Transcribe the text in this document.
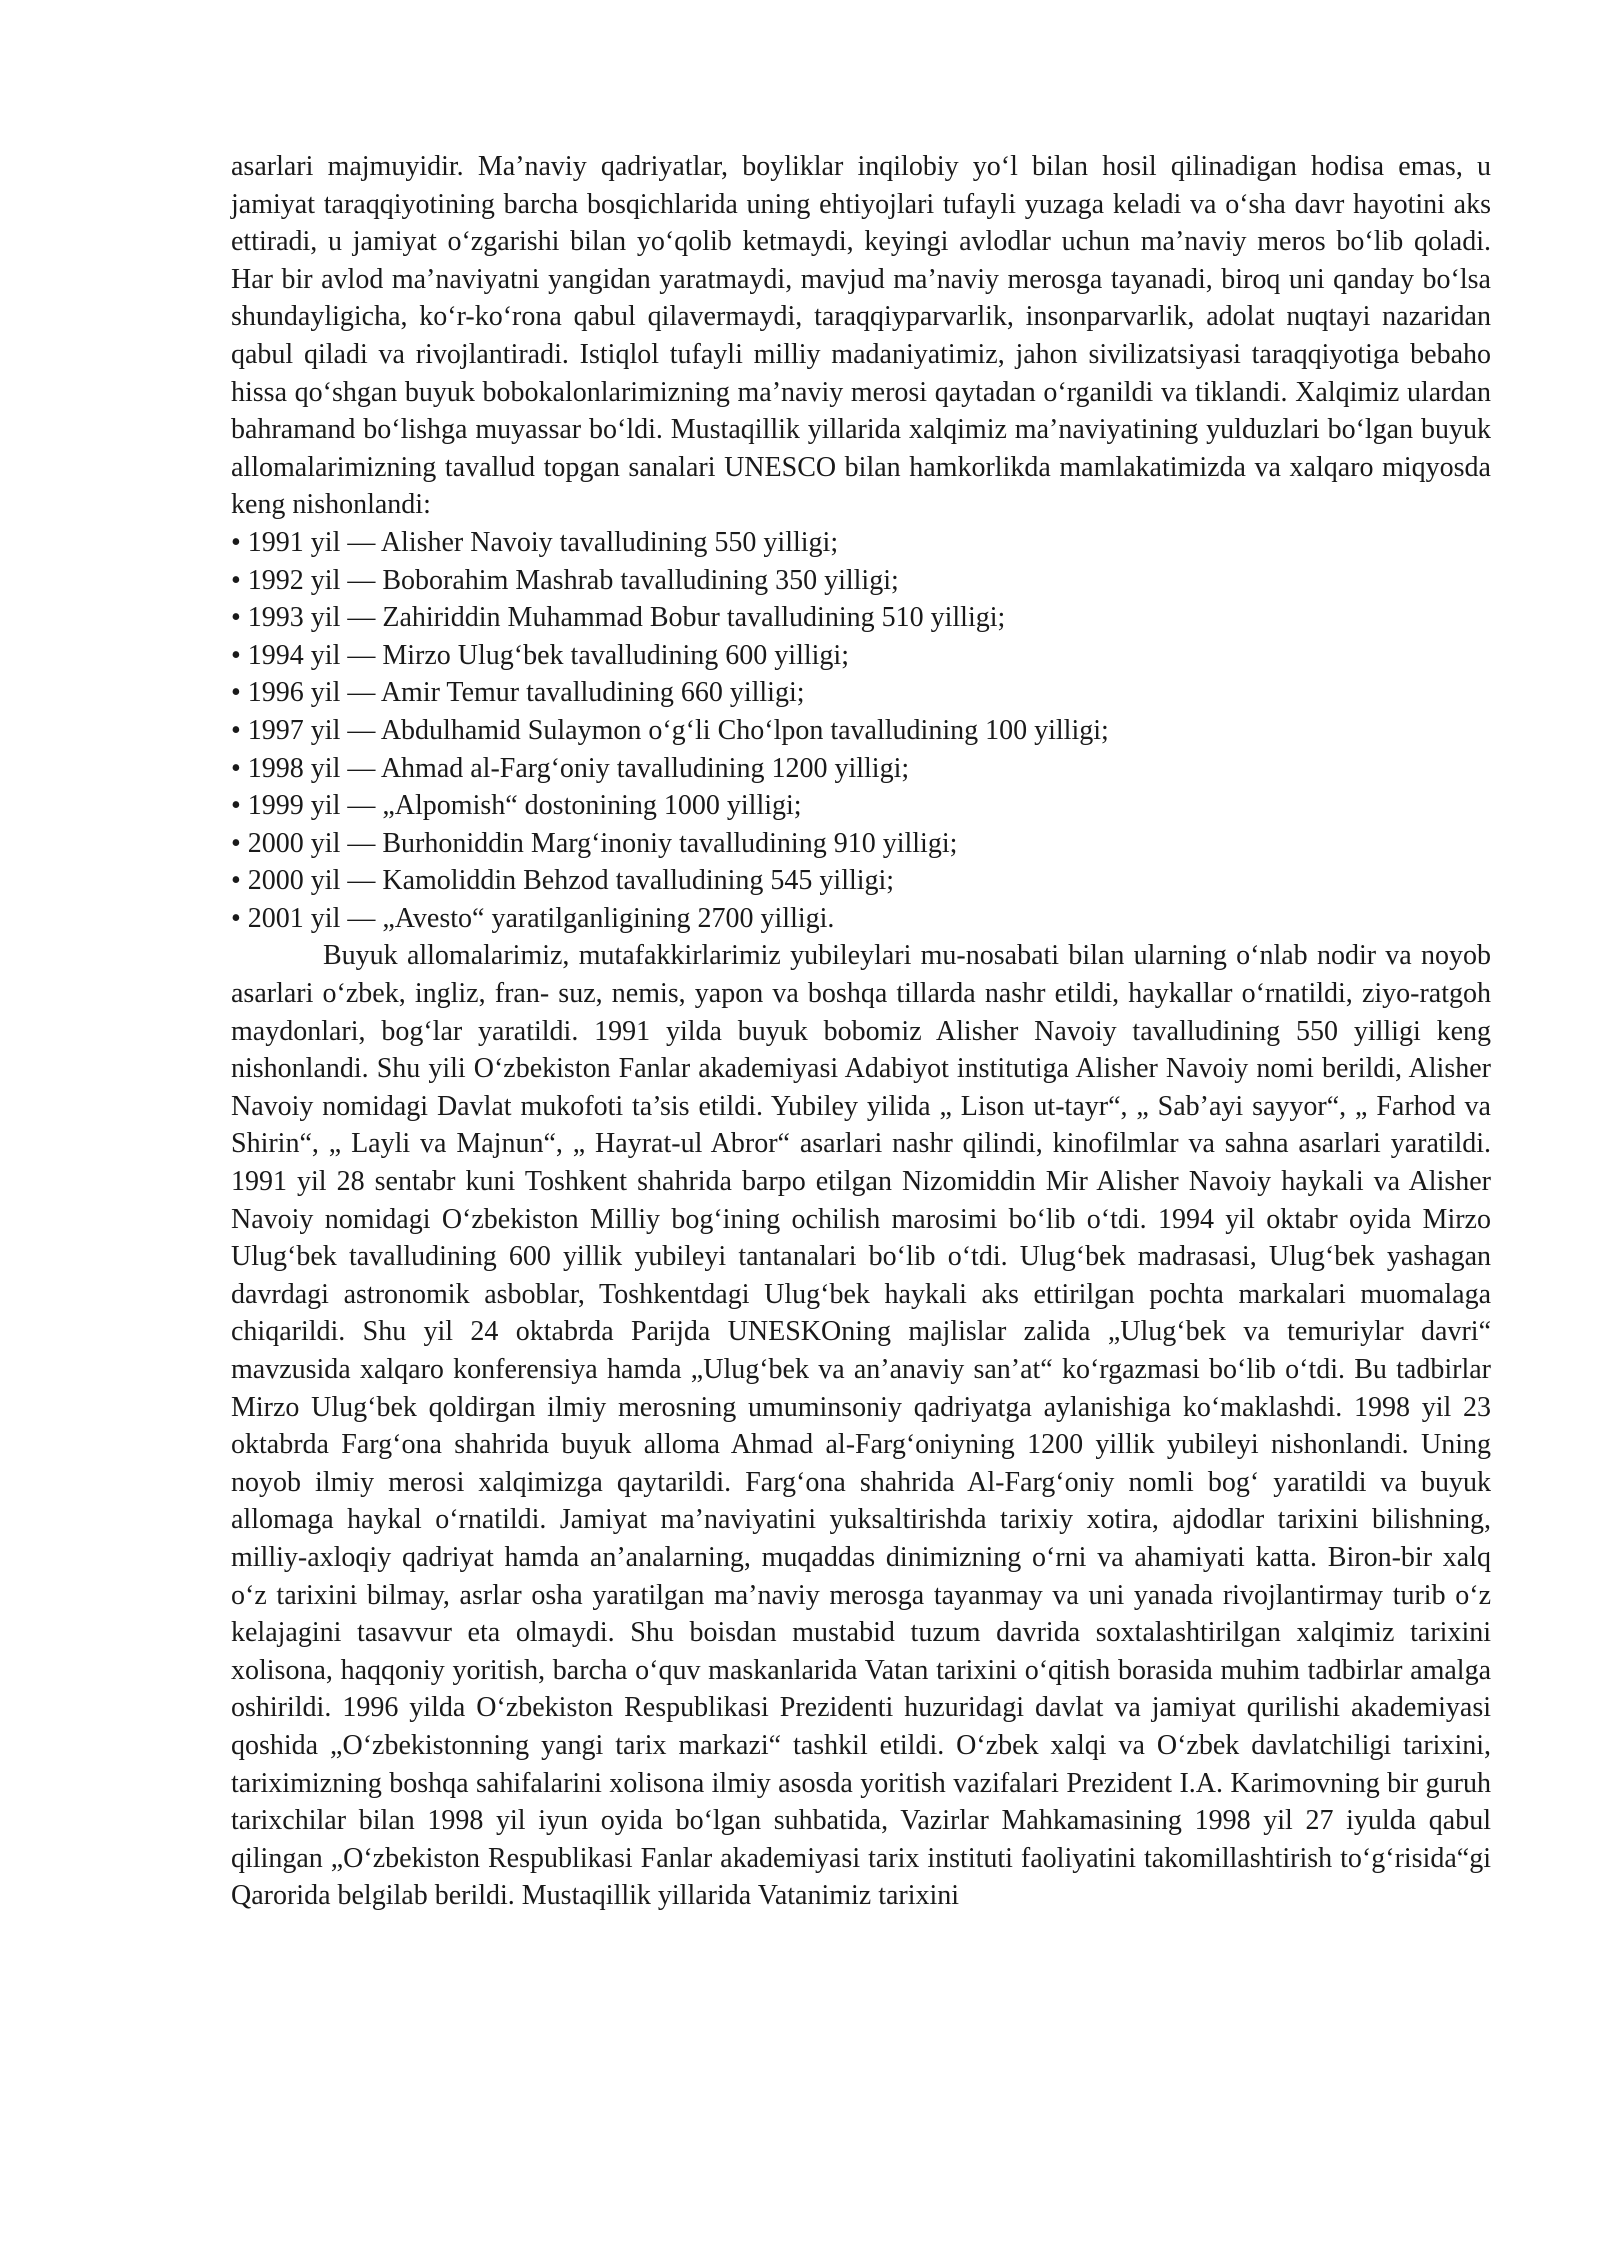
asarlari majmuyidir. Ma’naviy qadriyatlar, boyliklar inqilobiy yo‘l bilan hosil qilinadigan hodisa emas, u jamiyat taraqqiyotining barcha bosqichlarida uning ehtiyojlari tufayli yuzaga keladi va o‘sha davr hayotini aks ettiradi, u jamiyat o‘zgarishi bilan yo‘qolib ketmaydi, keyingi avlodlar uchun ma’naviy meros bo‘lib qoladi. Har bir avlod ma’naviyatni yangidan yaratmaydi, mavjud ma’naviy merosga tayanadi, biroq uni qanday bo‘lsa shundayligicha, ko‘r-ko‘rona qabul qilavermaydi, taraqqiyparvarlik, insonparvarlik, adolat nuqtayi nazaridan qabul qiladi va rivojlantiradi. Istiqlol tufayli milliy madaniyatimiz, jahon sivilizatsiyasi taraqqiyotiga bebaho hissa qo‘shgan buyuk bobokalonlarimizning ma’naviy merosi qaytadan o‘rganildi va tiklandi. Xalqimiz ulardan bahramand bo‘lishga muyassar bo‘ldi. Mustaqillik yillarida xalqimiz ma’naviyatining yulduzlari bo‘lgan buyuk allomalarimizning tavallud topgan sanalari UNESCO bilan hamkorlikda mamlakatimizda va xalqaro miqyosda keng nishonlandi:

• 1991 yil — Alisher Navoiy tavalludining 550 yilligi;
• 1992 yil — Boborahim Mashrab tavalludining 350 yilligi;
• 1993 yil — Zahiriddin Muhammad Bobur tavalludining 510 yilligi;
• 1994 yil — Mirzo Ulug‘bek tavalludining 600 yilligi;
• 1996 yil — Amir Temur tavalludining 660 yilligi;
• 1997 yil — Abdulhamid Sulaymon o‘g‘li Cho‘lpon tavalludining 100 yilligi;
• 1998 yil — Ahmad al-Farg‘oniy tavalludining 1200 yilligi;
• 1999 yil — „Alpomish“ dostonining 1000 yilligi;
• 2000 yil — Burhoniddin Marg‘inoniy tavalludining 910 yilligi;
• 2000 yil — Kamoliddin Behzod tavalludining 545 yilligi;
• 2001 yil — „Avesto“ yaratilganligining 2700 yilligi.

Buyuk allomalarimiz, mutafakkirlarimiz yubileylari mu-nosabati bilan ularning o‘nlab nodir va noyob asarlari o‘zbek, ingliz, fran- suz, nemis, yapon va boshqa tillarda nashr etildi, haykallar o‘rnatildi, ziyo-ratgoh maydonlari, bog‘lar yaratildi. 1991 yilda buyuk bobomiz Alisher Navoiy tavalludining 550 yilligi keng nishonlandi. Shu yili O‘zbekiston Fanlar akademiyasi Adabiyot institutiga Alisher Navoiy nomi berildi, Alisher Navoiy nomidagi Davlat mukofoti ta’sis etildi. Yubiley yilida „ Lison ut-tayr“, „ Sab’ayi sayyor“, „ Farhod va Shirin“, „ Layli va Majnun“, „ Hayrat-ul Abror“ asarlari nashr qilindi, kinofilmlar va sahna asarlari yaratildi. 1991 yil 28 sentabr kuni Toshkent shahrida barpo etilgan Nizomiddin Mir Alisher Navoiy haykali va Alisher Navoiy nomidagi O‘zbekiston Milliy bog‘ining ochilish marosimi bo‘lib o‘tdi. 1994 yil oktabr oyida Mirzo Ulug‘bek tavalludining 600 yillik yubileyi tantanalari bo‘lib o‘tdi. Ulug‘bek madrasasi, Ulug‘bek yashagan davrdagi astronomik asboblar, Toshkentdagi Ulug‘bek haykali aks ettirilgan pochta markalari muomalaga chiqarildi. Shu yil 24 oktabrda Parijda UNESKOning majlislar zalida „Ulug‘bek va temuriylar davri“ mavzusida xalqaro konferensiya hamda „Ulug‘bek va an’anaviy san’at“ ko‘rgazmasi bo‘lib o‘tdi. Bu tadbirlar Mirzo Ulug‘bek qoldirgan ilmiy merosning umuminsoniy qadriyatga aylanishiga ko‘maklashdi. 1998 yil 23 oktabrda Farg‘ona shahrida buyuk alloma Ahmad al-Farg‘oniyning 1200 yillik yubileyi nishonlandi. Uning noyob ilmiy merosi xalqimizga qaytarildi. Farg‘ona shahrida Al-Farg‘oniy nomli bog‘ yaratildi va buyuk allomaga haykal o‘rnatildi. Jamiyat ma’naviyatini yuksaltirishda tarixiy xotira, ajdodlar tarixini bilishning, milliy-axloqiy qadriyat hamda an’analarning, muqaddas dinimizning o‘rni va ahamiyati katta. Biron-bir xalq o‘z tarixini bilmay, asrlar osha yaratilgan ma’naviy merosga tayanmay va uni yanada rivojlantirmay turib o‘z kelajagini tasavvur eta olmaydi. Shu boisdan mustabid tuzum davrida soxtalashtirilgan xalqimiz tarixini xolisona, haqqoniy yoritish, barcha o‘quv maskanlarida Vatan tarixini o‘qitish borasida muhim tadbirlar amalga oshirildi. 1996 yilda O‘zbekiston Respublikasi Prezidenti huzuridagi davlat va jamiyat qurilishi akademiyasi qoshida „O‘zbekistonning yangi tarix markazi“ tashkil etildi. O‘zbek xalqi va O‘zbek davlatchiligi tarixini, tariximizning boshqa sahifalarini xolisona ilmiy asosda yoritish vazifalari Prezident I.A. Karimovning bir guruh tarixchilar bilan 1998 yil iyun oyida bo‘lgan suhbatida, Vazirlar Mahkamasining 1998 yil 27 iyulda qabul qilingan „O‘zbekiston Respublikasi Fanlar akademiyasi tarix instituti faoliyatini takomillashtirish to‘g‘risida“gi Qarorida belgilab berildi. Mustaqillik yillarida Vatanimiz tarixini
